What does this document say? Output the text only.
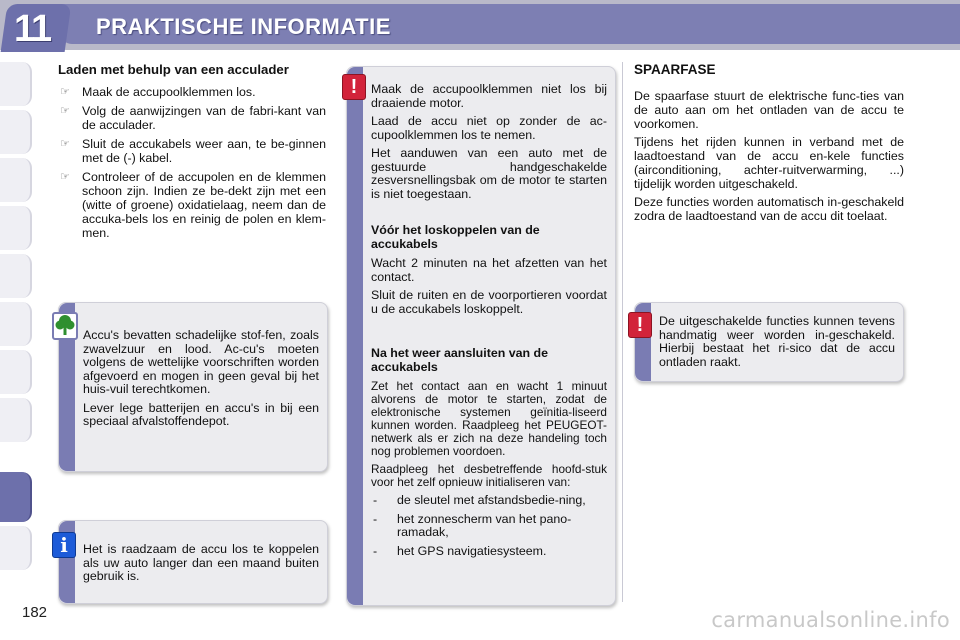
11 PRAKTISCHE INFORMATIE
Laden met behulp van een acculader
☞ Maak de accupoolklemmen los.
☞ Volg de aanwijzingen van de fabri-kant van de acculader.
☞ Sluit de accukabels weer aan, te be-ginnen met de (-) kabel.
☞ Controleer of de accupolen en de klemmen schoon zijn. Indien ze be-dekt zijn met een (witte of groene) oxidatielaag, neem dan de accuka-bels los en reinig de polen en klem-men.

Accu's bevatten schadelijke stof-fen, zoals zwavelzuur en lood. Ac-cu's moeten volgens de wettelijke voorschriften worden afgevoerd en mogen in geen geval bij het huis-vuil terechtkomen.

Lever lege batterijen en accu's in bij een speciaal afvalstoffendepot.

Het is raadzaam de accu los te koppelen als uw auto langer dan een maand buiten gebruik is.

i

Maak de accupoolklemmen niet los bij draaiende motor.

Laad de accu niet op zonder de ac-cupoolklemmen los te nemen.

Het aanduwen van een auto met de gestuurde handgeschakelde zesversnellingsbak om de motor te starten is niet toegestaan.

Vóór het loskoppelen van de accukabels

Wacht 2 minuten na het afzetten van het contact.

Sluit de ruiten en de voorportieren voordat u de accukabels loskoppelt.

Na het weer aansluiten van de accukabels

Zet het contact aan en wacht 1 minuut alvorens de motor te starten, zodat de elektronische systemen geïnitia-liseerd kunnen worden. Raadpleeg het PEUGEOT-netwerk als er zich na deze handeling toch nog problemen voordoen.

Raadpleeg het desbetreffende hoofd-stuk voor het zelf opnieuw initialiseren van:

- de sleutel met afstandsbedie-ning,
- het zonnescherm van het pano-ramadak,
- het GPS navigatiesysteem.
!
SPAARFASE

De spaarfase stuurt de elektrische func-ties van de auto aan om het ontladen van de accu te voorkomen.

Tijdens het rijden kunnen in verband met de laadtoestand van de accu en-kele functies (airconditioning, achter-ruitverwarming, ...) tijdelijk worden uitgeschakeld.

Deze functies worden automatisch in-geschakeld zodra de laadtoestand van de accu dit toelaat.

De uitgeschakelde functies kunnen tevens handmatig weer worden in-geschakeld. Hierbij bestaat het ri-sico dat de accu ontladen raakt.

!
182	carmanualsonline.info
